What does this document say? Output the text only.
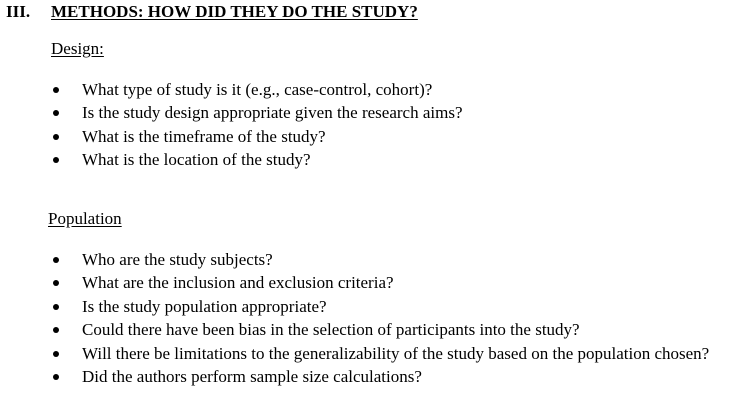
III. METHODS: HOW DID THEY DO THE STUDY?
Design:
What type of study is it (e.g., case-control, cohort)?
Is the study design appropriate given the research aims?
What is the timeframe of the study?
What is the location of the study?
Population
Who are the study subjects?
What are the inclusion and exclusion criteria?
Is the study population appropriate?
Could there have been bias in the selection of participants into the study?
Will there be limitations to the generalizability of the study based on the population chosen?
Did the authors perform sample size calculations?
